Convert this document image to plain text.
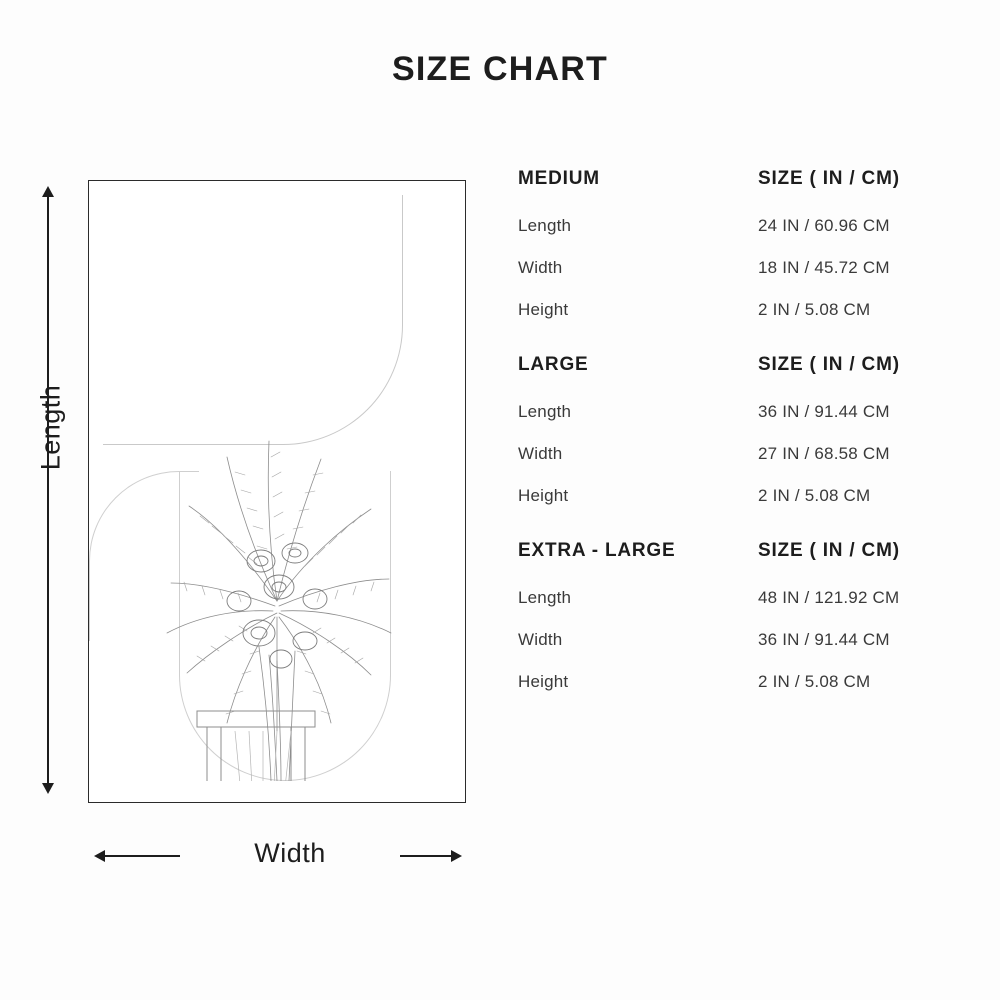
SIZE CHART
Length
Width
MEDIUM	SIZE ( IN / CM)
Length	24 IN / 60.96 CM
Width	18 IN / 45.72 CM
Height	2 IN / 5.08 CM
LARGE	SIZE ( IN / CM)
Length	36 IN / 91.44 CM
Width	27 IN / 68.58 CM
Height	2 IN / 5.08 CM
EXTRA - LARGE	SIZE ( IN / CM)
Length	48 IN / 121.92 CM
Width	36 IN / 91.44 CM
Height	2 IN / 5.08 CM
